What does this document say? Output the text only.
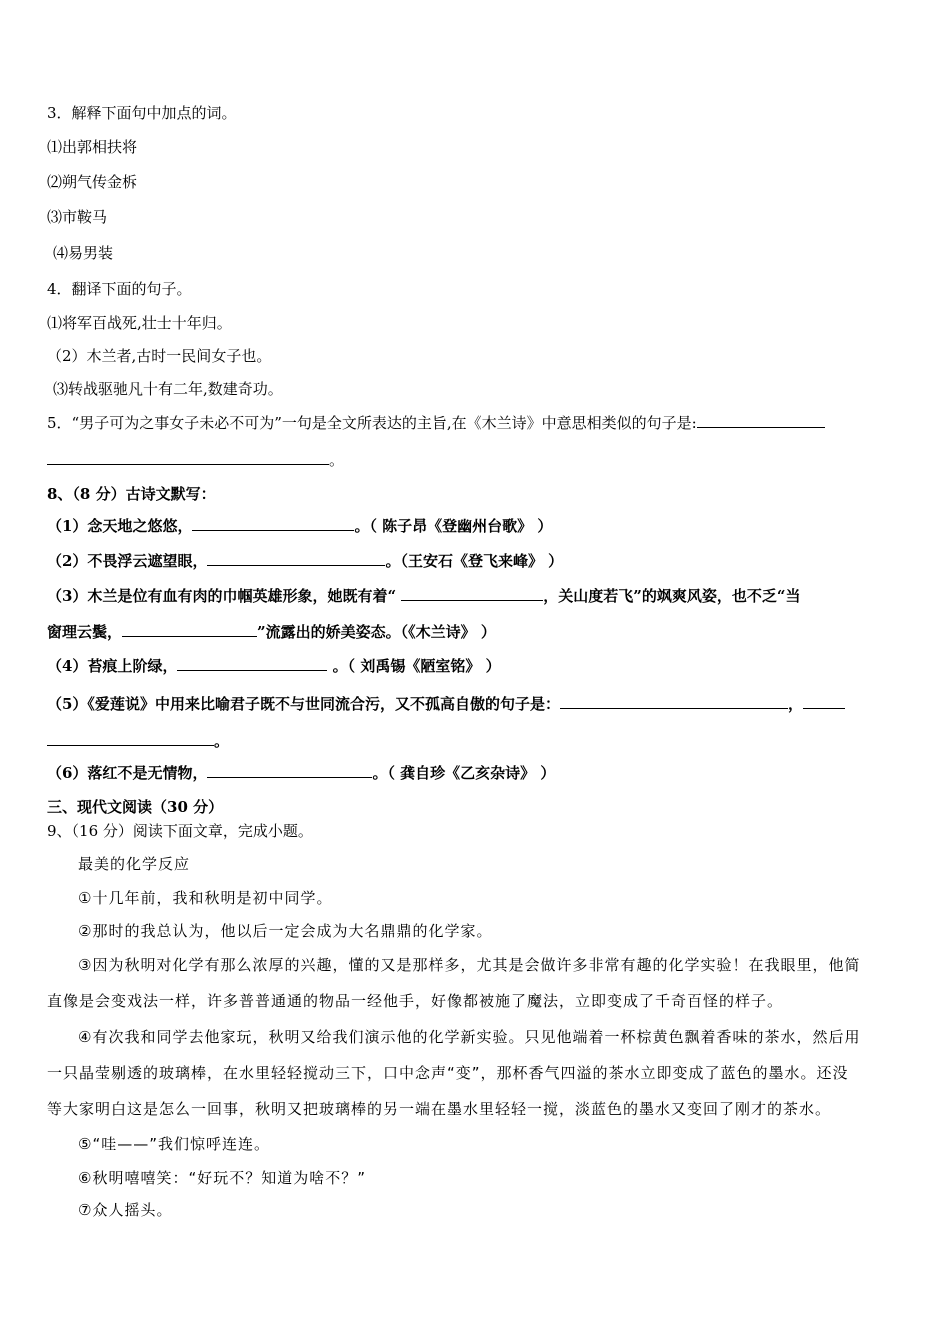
3．解释下面句中加点的词。
⑴出郭相扶将
⑵朔气传金柝
⑶市鞍马
⑷易男装
4．翻译下面的句子。
⑴将军百战死,壮士十年归。
（2）木兰者,古时一民间女子也。
⑶转战驱驰凡十有二年,数建奇功。
5．“男子可为之事女子未必不可为”一句是全文所表达的主旨,在《木兰诗》中意思相类似的句子是:
。
8、（8 分）古诗文默写：
（1）念天地之悠悠，	。（ 陈子昂《登幽州台歌》 ）
（2）不畏浮云遮望眼，	。（王安石《登飞来峰》 ）
（3）木兰是位有血有肉的巾帼英雄形象，她既有着“	，关山度若飞”的飒爽风姿，也不乏“当
窗理云鬓，	”流露出的娇美姿态。（《木兰诗》 ）
（4）苔痕上阶绿，	。（ 刘禹锡《陋室铭》 ）
（5）《爱莲说》中用来比喻君子既不与世同流合污，又不孤高自傲的句子是：	，
。
（6）落红不是无情物，	。（ 龚自珍《乙亥杂诗》 ）
三、现代文阅读（30 分）
9、（16 分）阅读下面文章，完成小题。
最美的化学反应
①十几年前，我和秋明是初中同学。
②那时的我总认为，他以后一定会成为大名鼎鼎的化学家。
③因为秋明对化学有那么浓厚的兴趣，懂的又是那样多，尤其是会做许多非常有趣的化学实验！在我眼里，他简
直像是会变戏法一样，许多普普通通的物品一经他手，好像都被施了魔法，立即变成了千奇百怪的样子。
④有次我和同学去他家玩，秋明又给我们演示他的化学新实验。只见他端着一杯棕黄色飘着香味的茶水，然后用
一只晶莹剔透的玻璃棒，在水里轻轻搅动三下，口中念声“变”，那杯香气四溢的茶水立即变成了蓝色的墨水。还没
等大家明白这是怎么一回事，秋明又把玻璃棒的另一端在墨水里轻轻一搅，淡蓝色的墨水又变回了刚才的茶水。
⑤“哇——”我们惊呼连连。
⑥秋明嘻嘻笑：“好玩不？知道为啥不？”
⑦众人摇头。
